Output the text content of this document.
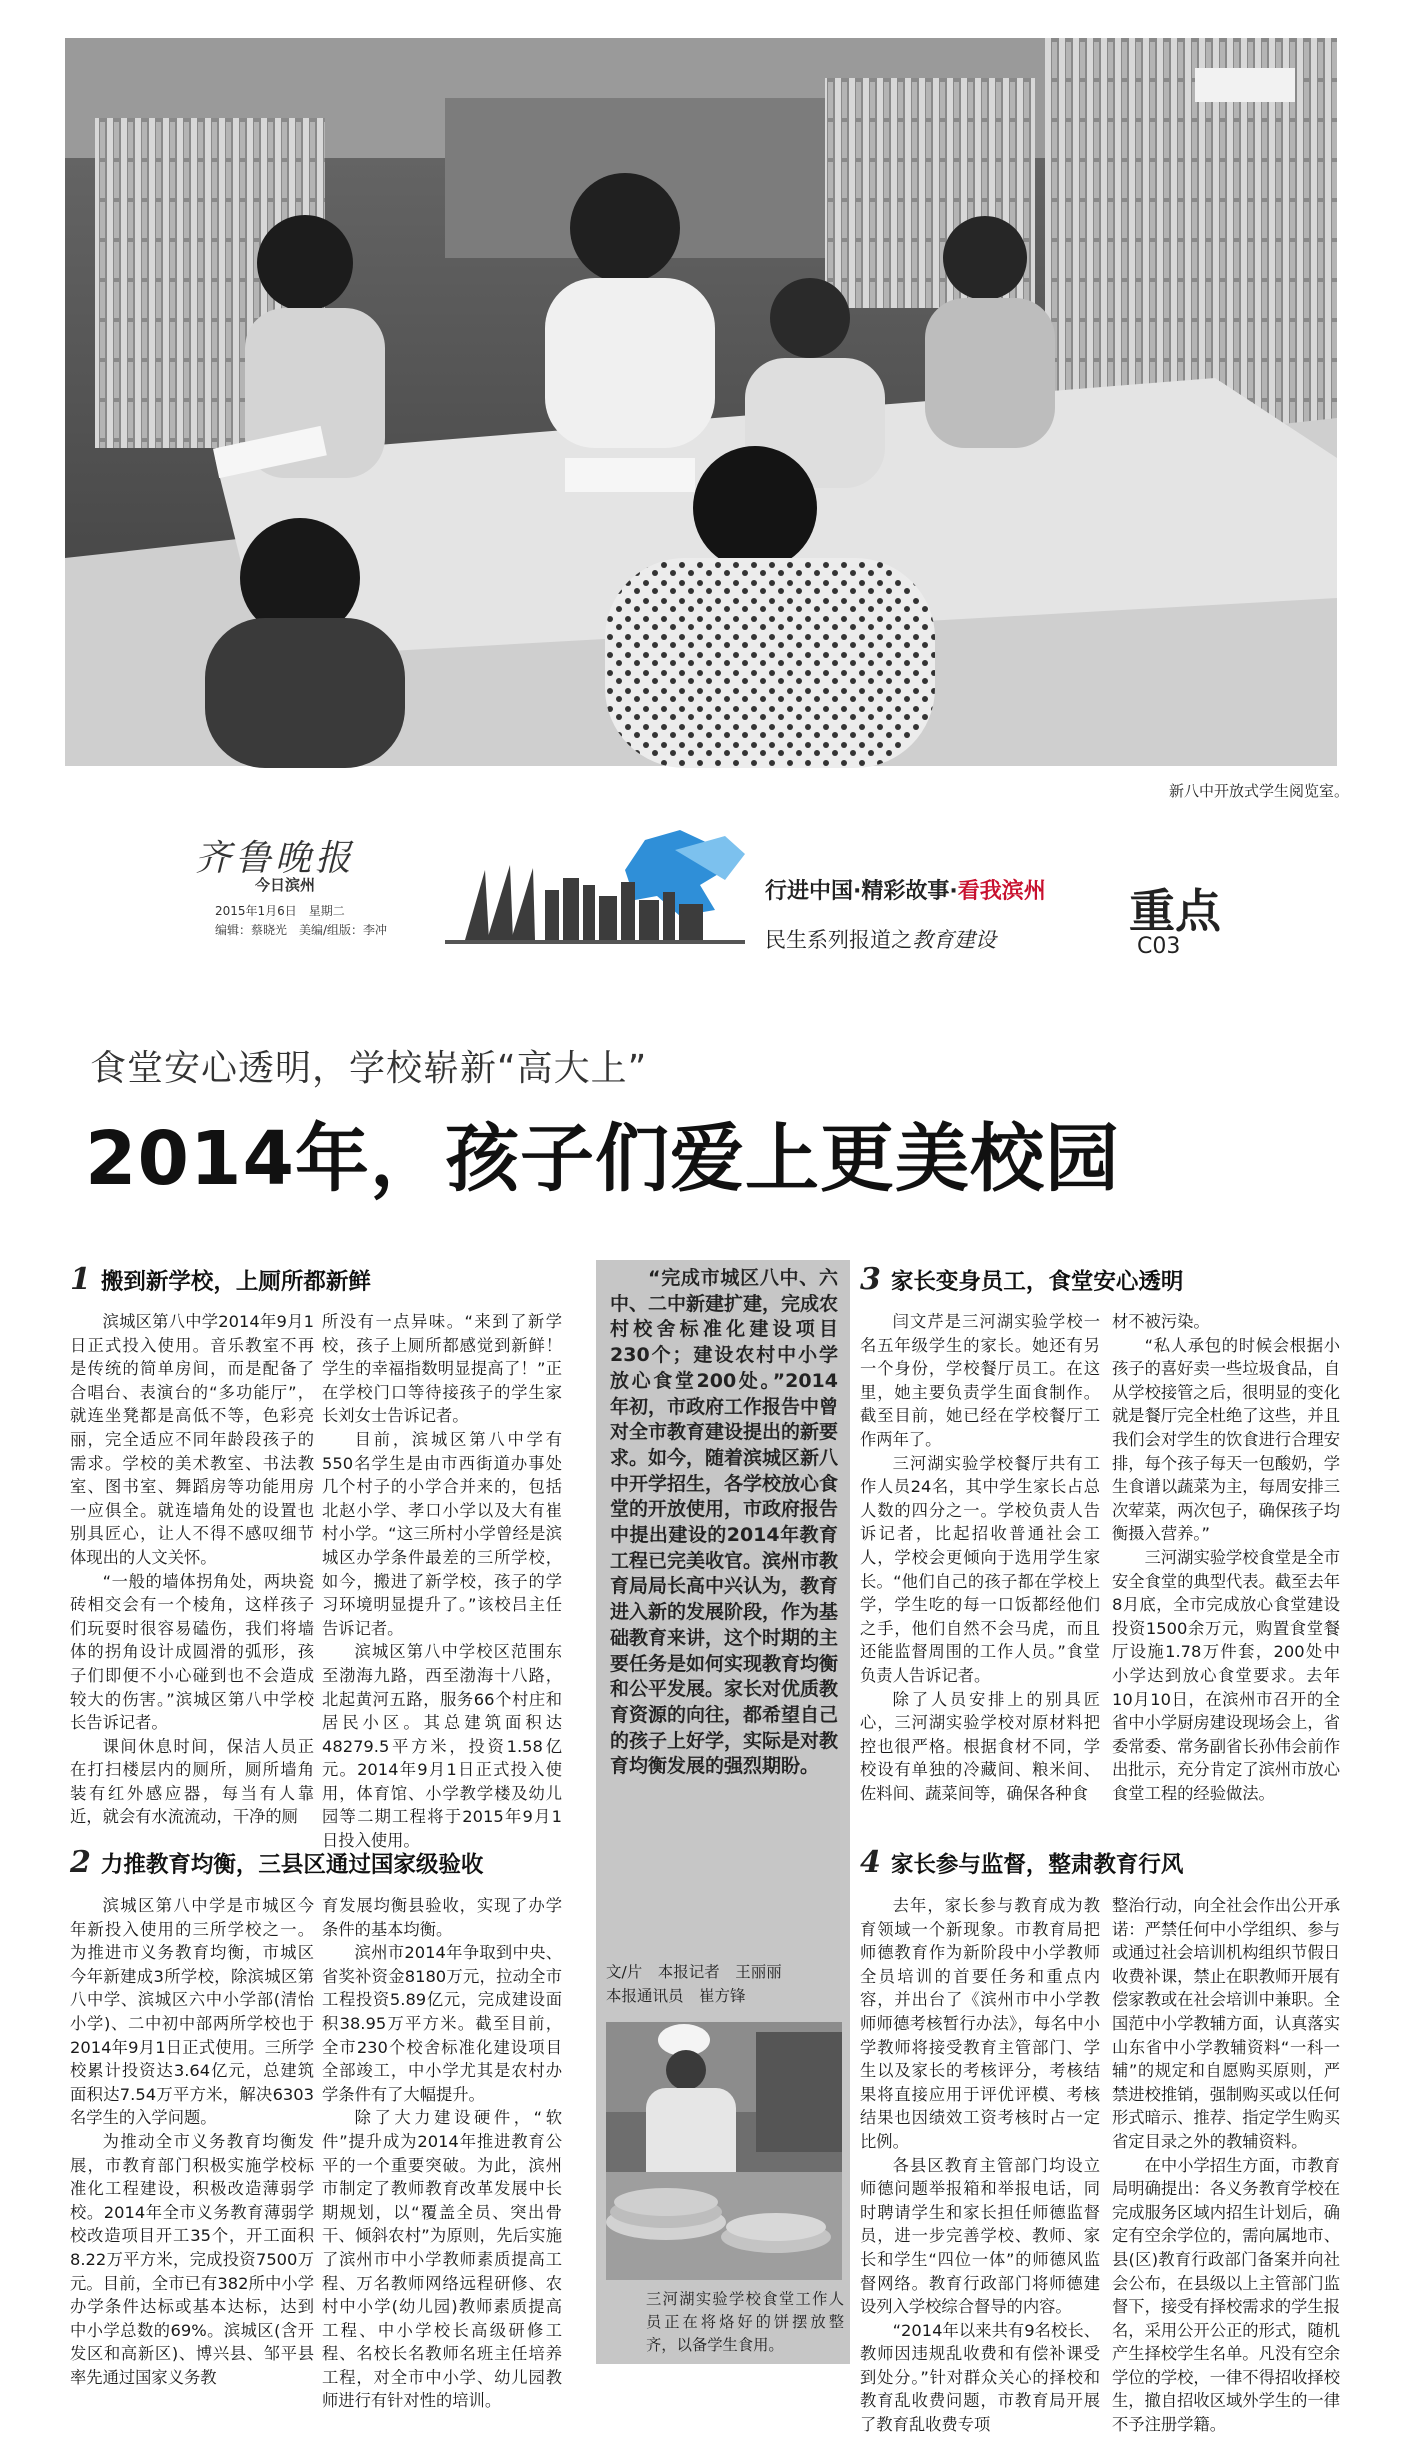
新八中开放式学生阅览室。
齐鲁晚报
今日滨州
2015年1月6日　星期二
编辑：蔡晓光　美编/组版：李冲
行进中国·精彩故事·看我滨州
民生系列报道之教育建设
重点
C03
食堂安心透明，学校崭新“高大上”
2014年，孩子们爱上更美校园
1 搬到新学校，上厕所都新鲜
2 力推教育均衡，三县区通过国家级验收
3 家长变身员工，食堂安心透明
4 家长参与监督，整肃教育行风

滨城区第八中学2014年9月1日正式投入使用。音乐教室不再是传统的简单房间，而是配备了合唱台、表演台的“多功能厅”，就连坐凳都是高低不等，色彩亮丽，完全适应不同年龄段孩子的需求。学校的美术教室、书法教室、图书室、舞蹈房等功能用房一应俱全。就连墙角处的设置也别具匠心，让人不得不感叹细节体现出的人文关怀。

“一般的墙体拐角处，两块瓷砖相交会有一个棱角，这样孩子们玩耍时很容易磕伤，我们将墙体的拐角设计成圆滑的弧形，孩子们即便不小心碰到也不会造成较大的伤害。”滨城区第八中学校长告诉记者。

课间休息时间，保洁人员正在打扫楼层内的厕所，厕所墙角装有红外感应器，每当有人靠近，就会有水流流动，干净的厕

所没有一点异味。“来到了新学校，孩子上厕所都感觉到新鲜！学生的幸福指数明显提高了！”正在学校门口等待接孩子的学生家长刘女士告诉记者。

目前，滨城区第八中学有550名学生是由市西街道办事处几个村子的小学合并来的，包括北赵小学、孝口小学以及大有崔村小学。“这三所村小学曾经是滨城区办学条件最差的三所学校，如今，搬进了新学校，孩子的学习环境明显提升了。”该校吕主任告诉记者。

滨城区第八中学校区范围东至渤海九路，西至渤海十八路，北起黄河五路，服务66个村庄和居民小区。其总建筑面积达48279.5平方米，投资1.58亿元。2014年9月1日正式投入使用，体育馆、小学教学楼及幼儿园等二期工程将于2015年9月1日投入使用。

滨城区第八中学是市城区今年新投入使用的三所学校之一。为推进市义务教育均衡，市城区今年新建成3所学校，除滨城区第八中学、滨城区六中小学部(清怡小学)、二中初中部两所学校也于2014年9月1日正式使用。三所学校累计投资达3.64亿元，总建筑面积达7.54万平方米，解决6303名学生的入学问题。

为推动全市义务教育均衡发展，市教育部门积极实施学校标准化工程建设，积极改造薄弱学校。2014年全市义务教育薄弱学校改造项目开工35个，开工面积8.22万平方米，完成投资7500万元。目前，全市已有382所中小学办学条件达标或基本达标，达到中小学总数的69%。滨城区(含开发区和高新区)、博兴县、邹平县率先通过国家义务教

育发展均衡县验收，实现了办学条件的基本均衡。

滨州市2014年争取到中央、省奖补资金8180万元，拉动全市工程投资5.89亿元，完成建设面积38.95万平方米。截至目前，全市230个校舍标准化建设项目全部竣工，中小学尤其是农村办学条件有了大幅提升。

除了大力建设硬件，“软件”提升成为2014年推进教育公平的一个重要突破。为此，滨州市制定了教师教育改革发展中长期规划，以“覆盖全员、突出骨干、倾斜农村”为原则，先后实施了滨州市中小学教师素质提高工程、万名教师网络远程研修、农村中小学(幼儿园)教师素质提高工程、中小学校长高级研修工程、名校长名教师名班主任培养工程，对全市中小学、幼儿园教师进行有针对性的培训。

“完成市城区八中、六中、二中新建扩建，完成农村校舍标准化建设项目230个；建设农村中小学放心食堂200处。”2014年初，市政府工作报告中曾对全市教育建设提出的新要求。如今，随着滨城区新八中开学招生，各学校放心食堂的开放使用，市政府报告中提出建设的2014年教育工程已完美收官。滨州市教育局局长高中兴认为，教育进入新的发展阶段，作为基础教育来讲，这个时期的主要任务是如何实现教育均衡和公平发展。家长对优质教育资源的向往，都希望自己的孩子上好学，实际是对教育均衡发展的强烈期盼。
文/片　本报记者　王丽丽
本报通讯员　崔方锋
三河湖实验学校食堂工作人员正在将烙好的饼摆放整齐，以备学生食用。

闫文芹是三河湖实验学校一名五年级学生的家长。她还有另一个身份，学校餐厅员工。在这里，她主要负责学生面食制作。截至目前，她已经在学校餐厅工作两年了。

三河湖实验学校餐厅共有工作人员24名，其中学生家长占总人数的四分之一。学校负责人告诉记者，比起招收普通社会工人，学校会更倾向于选用学生家长。“他们自己的孩子都在学校上学，学生吃的每一口饭都经他们之手，他们自然不会马虎，而且还能监督周围的工作人员。”食堂负责人告诉记者。

除了人员安排上的别具匠心，三河湖实验学校对原材料把控也很严格。根据食材不同，学校设有单独的冷藏间、粮米间、佐料间、蔬菜间等，确保各种食

材不被污染。

“私人承包的时候会根据小孩子的喜好卖一些垃圾食品，自从学校接管之后，很明显的变化就是餐厅完全杜绝了这些，并且我们会对学生的饮食进行合理安排，每个孩子每天一包酸奶，学生食谱以蔬菜为主，每周安排三次荤菜，两次包子，确保孩子均衡摄入营养。”

三河湖实验学校食堂是全市安全食堂的典型代表。截至去年8月底，全市完成放心食堂建设投资1500余万元，购置食堂餐厅设施1.78万件套，200处中小学达到放心食堂要求。去年10月10日，在滨州市召开的全省中小学厨房建设现场会上，省委常委、常务副省长孙伟会前作出批示，充分肯定了滨州市放心食堂工程的经验做法。

去年，家长参与教育成为教育领域一个新现象。市教育局把师德教育作为新阶段中小学教师全员培训的首要任务和重点内容，并出台了《滨州市中小学教师师德考核暂行办法》，每名中小学教师将接受教育主管部门、学生以及家长的考核评分，考核结果将直接应用于评优评模、考核结果也因绩效工资考核时占一定比例。

各县区教育主管部门均设立师德问题举报箱和举报电话，同时聘请学生和家长担任师德监督员，进一步完善学校、教师、家长和学生“四位一体”的师德风监督网络。教育行政部门将师德建设列入学校综合督导的内容。

“2014年以来共有9名校长、教师因违规乱收费和有偿补课受到处分。”针对群众关心的择校和教育乱收费问题，市教育局开展了教育乱收费专项

整治行动，向全社会作出公开承诺：严禁任何中小学组织、参与或通过社会培训机构组织节假日收费补课，禁止在职教师开展有偿家教或在社会培训中兼职。全国范中小学教辅方面，认真落实山东省中小学教辅资料“一科一辅”的规定和自愿购买原则，严禁进校推销，强制购买或以任何形式暗示、推荐、指定学生购买省定目录之外的教辅资料。

在中小学招生方面，市教育局明确提出：各义务教育学校在完成服务区域内招生计划后，确定有空余学位的，需向属地市、县(区)教育行政部门备案并向社会公布，在县级以上主管部门监督下，接受有择校需求的学生报名，采用公开公正的形式，随机产生择校学生名单。凡没有空余学位的学校，一律不得招收择校生，撤自招收区域外学生的一律不予注册学籍。
